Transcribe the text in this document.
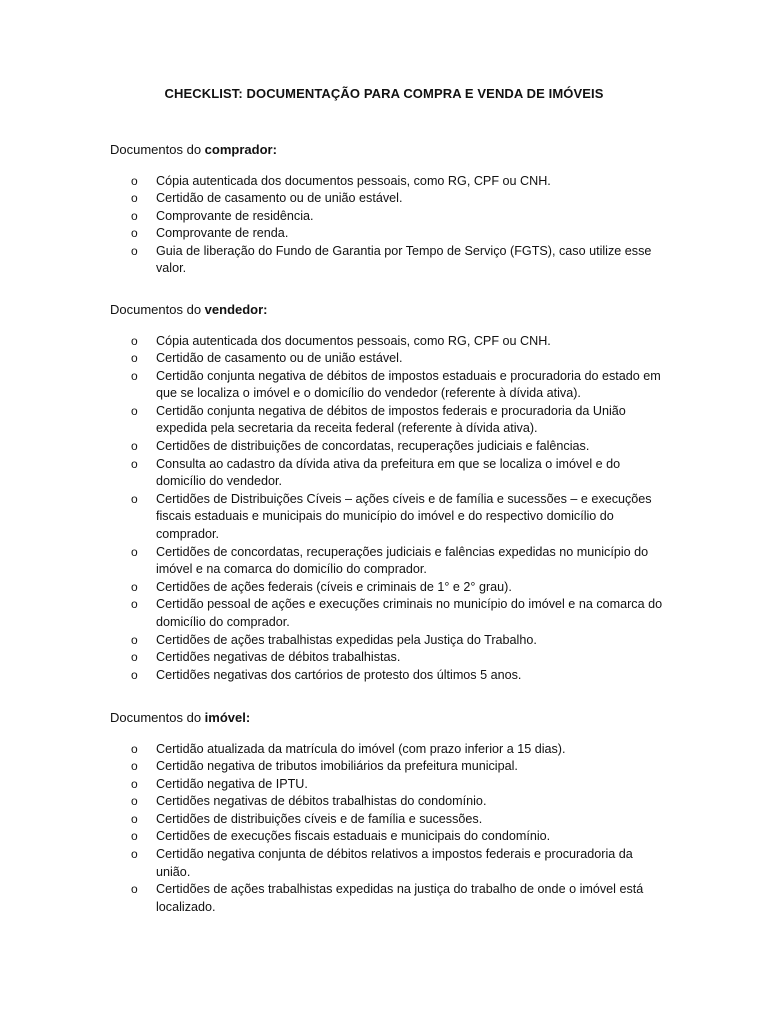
CHECKLIST: DOCUMENTAÇÃO PARA COMPRA E VENDA DE IMÓVEIS
Documentos do comprador:
o	Cópia autenticada dos documentos pessoais, como RG, CPF ou CNH.
o	Certidão de casamento ou de união estável.
o	Comprovante de residência.
o	Comprovante de renda.
o	Guia de liberação do Fundo de Garantia por Tempo de Serviço (FGTS), caso utilize esse valor.
Documentos do vendedor:
o	Cópia autenticada dos documentos pessoais, como RG, CPF ou CNH.
o	Certidão de casamento ou de união estável.
o	Certidão conjunta negativa de débitos de impostos estaduais e procuradoria do estado em que se localiza o imóvel e o domicílio do vendedor (referente à dívida ativa).
o	Certidão conjunta negativa de débitos de impostos federais e procuradoria da União expedida pela secretaria da receita federal (referente à dívida ativa).
o	Certidões de distribuições de concordatas, recuperações judiciais e falências.
o	Consulta ao cadastro da dívida ativa da prefeitura em que se localiza o imóvel e do domicílio do vendedor.
o	Certidões de Distribuições Cíveis – ações cíveis e de família e sucessões – e execuções fiscais estaduais e municipais do município do imóvel e do respectivo domicílio do comprador.
o	Certidões de concordatas, recuperações judiciais e falências expedidas no município do imóvel e na comarca do domicílio do comprador.
o	Certidões de ações federais (cíveis e criminais de 1° e 2° grau).
o	Certidão pessoal de ações e execuções criminais no município do imóvel e na comarca do domicílio do comprador.
o	Certidões de ações trabalhistas expedidas pela Justiça do Trabalho.
o	Certidões negativas de débitos trabalhistas.
o	Certidões negativas dos cartórios de protesto dos últimos 5 anos.
Documentos do imóvel:
o	Certidão atualizada da matrícula do imóvel (com prazo inferior a 15 dias).
o	Certidão negativa de tributos imobiliários da prefeitura municipal.
o	Certidão negativa de IPTU.
o	Certidões negativas de débitos trabalhistas do condomínio.
o	Certidões de distribuições cíveis e de família e sucessões.
o	Certidões de execuções fiscais estaduais e municipais do condomínio.
o	Certidão negativa conjunta de débitos relativos a impostos federais e procuradoria da união.
o	Certidões de ações trabalhistas expedidas na justiça do trabalho de onde o imóvel está localizado.
